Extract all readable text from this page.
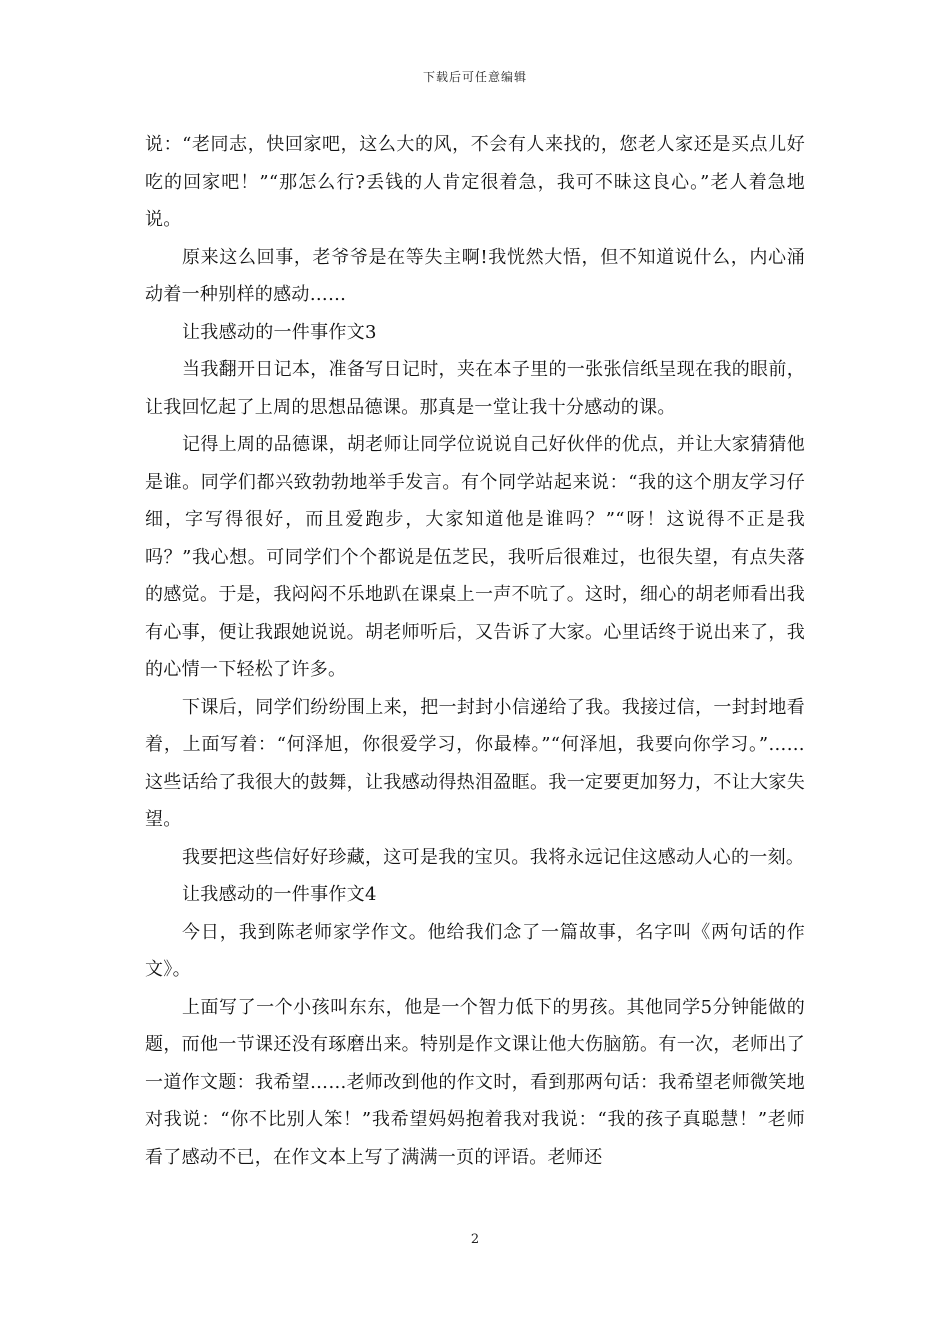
下载后可任意编辑

说：“老同志，快回家吧，这么大的风，不会有人来找的，您老人家还是买点儿好吃的回家吧！”“那怎么行?丢钱的人肯定很着急，我可不昧这良心。”老人着急地说。

原来这么回事，老爷爷是在等失主啊!我恍然大悟，但不知道说什么，内心涌动着一种别样的感动……

让我感动的一件事作文3

当我翻开日记本，准备写日记时，夹在本子里的一张张信纸呈现在我的眼前，让我回忆起了上周的思想品德课。那真是一堂让我十分感动的课。

记得上周的品德课，胡老师让同学位说说自己好伙伴的优点，并让大家猜猜他是谁。同学们都兴致勃勃地举手发言。有个同学站起来说：“我的这个朋友学习仔细，字写得很好，而且爱跑步，大家知道他是谁吗？”“呀！这说得不正是我吗？”我心想。可同学们个个都说是伍芝民，我听后很难过，也很失望，有点失落的感觉。于是，我闷闷不乐地趴在课桌上一声不吭了。这时，细心的胡老师看出我有心事，便让我跟她说说。胡老师听后，又告诉了大家。心里话终于说出来了，我的心情一下轻松了许多。

下课后，同学们纷纷围上来，把一封封小信递给了我。我接过信，一封封地看着，上面写着：“何泽旭，你很爱学习，你最棒。”“何泽旭，我要向你学习。”……这些话给了我很大的鼓舞，让我感动得热泪盈眶。我一定要更加努力，不让大家失望。

我要把这些信好好珍藏，这可是我的宝贝。我将永远记住这感动人心的一刻。

让我感动的一件事作文4

今日，我到陈老师家学作文。他给我们念了一篇故事，名字叫《两句话的作文》。

上面写了一个小孩叫东东，他是一个智力低下的男孩。其他同学5分钟能做的题，而他一节课还没有琢磨出来。特别是作文课让他大伤脑筋。有一次，老师出了一道作文题：我希望……老师改到他的作文时，看到那两句话：我希望老师微笑地对我说：“你不比别人笨！”我希望妈妈抱着我对我说：“我的孩子真聪慧！”老师看了感动不已，在作文本上写了满满一页的评语。老师还

2
